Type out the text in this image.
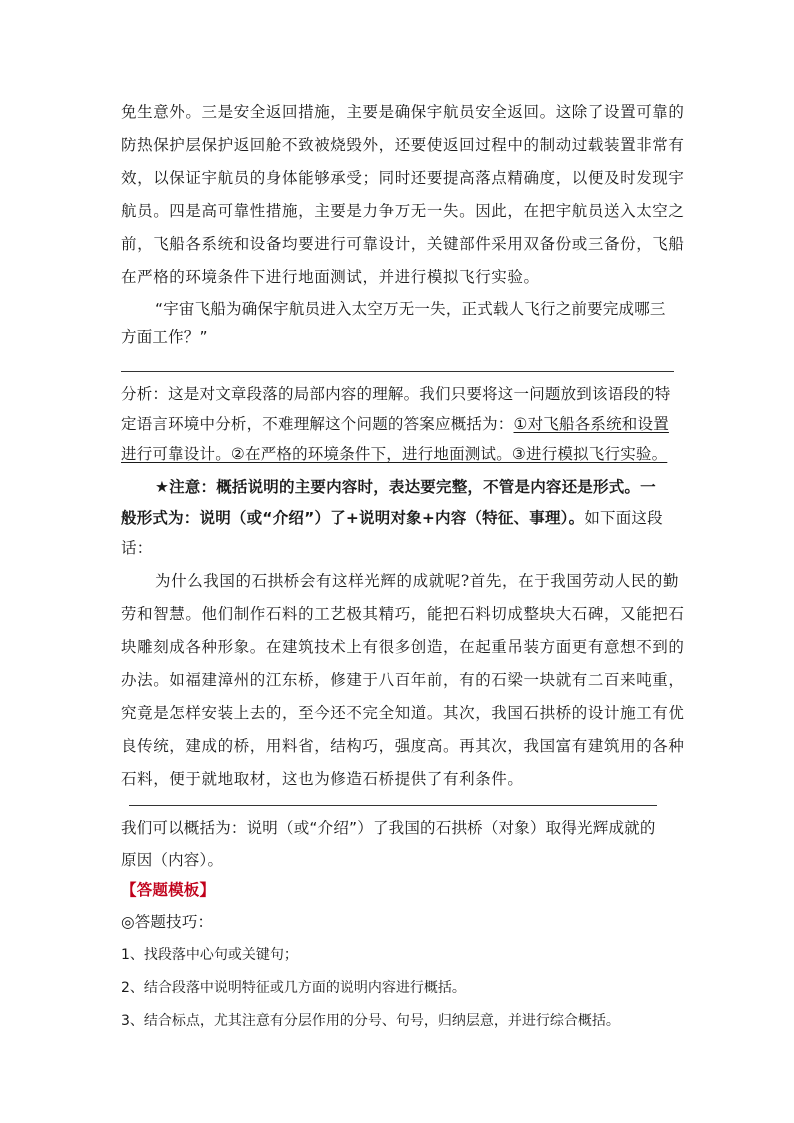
免生意外。三是安全返回措施，主要是确保宇航员安全返回。这除了设置可靠的
防热保护层保护返回舱不致被烧毁外，还要使返回过程中的制动过载装置非常有
效，以保证宇航员的身体能够承受；同时还要提高落点精确度，以便及时发现宇
航员。四是高可靠性措施，主要是力争万无一失。因此，在把宇航员送入太空之
前，飞船各系统和设备均要进行可靠设计，关键部件采用双备份或三备份，飞船
在严格的环境条件下进行地面测试，并进行模拟飞行实验。
“宇宙飞船为确保宇航员进入太空万无一失，正式载人飞行之前要完成哪三
方面工作？”
分析：这是对文章段落的局部内容的理解。我们只要将这一问题放到该语段的特
定语言环境中分析，不难理解这个问题的答案应概括为：①对飞船各系统和设置
进行可靠设计。②在严格的环境条件下，进行地面测试。③进行模拟飞行实验。
★注意：概括说明的主要内容时，表达要完整，不管是内容还是形式。一
般形式为：说明（或“介绍”）了+说明对象+内容（特征、事理）。如下面这段
话：
为什么我国的石拱桥会有这样光辉的成就呢?首先，在于我国劳动人民的勤
劳和智慧。他们制作石料的工艺极其精巧，能把石料切成整块大石碑，又能把石
块雕刻成各种形象。在建筑技术上有很多创造，在起重吊装方面更有意想不到的
办法。如福建漳州的江东桥，修建于八百年前，有的石梁一块就有二百来吨重，
究竟是怎样安装上去的，至今还不完全知道。其次，我国石拱桥的设计施工有优
良传统，建成的桥，用料省，结构巧，强度高。再其次，我国富有建筑用的各种
石料，便于就地取材，这也为修造石桥提供了有利条件。
我们可以概括为：说明（或“介绍”）了我国的石拱桥（对象）取得光辉成就的
原因（内容）。
【答题模板】
◎答题技巧：
1、找段落中心句或关键句；
2、结合段落中说明特征或几方面的说明内容进行概括。
3、结合标点，尤其注意有分层作用的分号、句号，归纳层意，并进行综合概括。
